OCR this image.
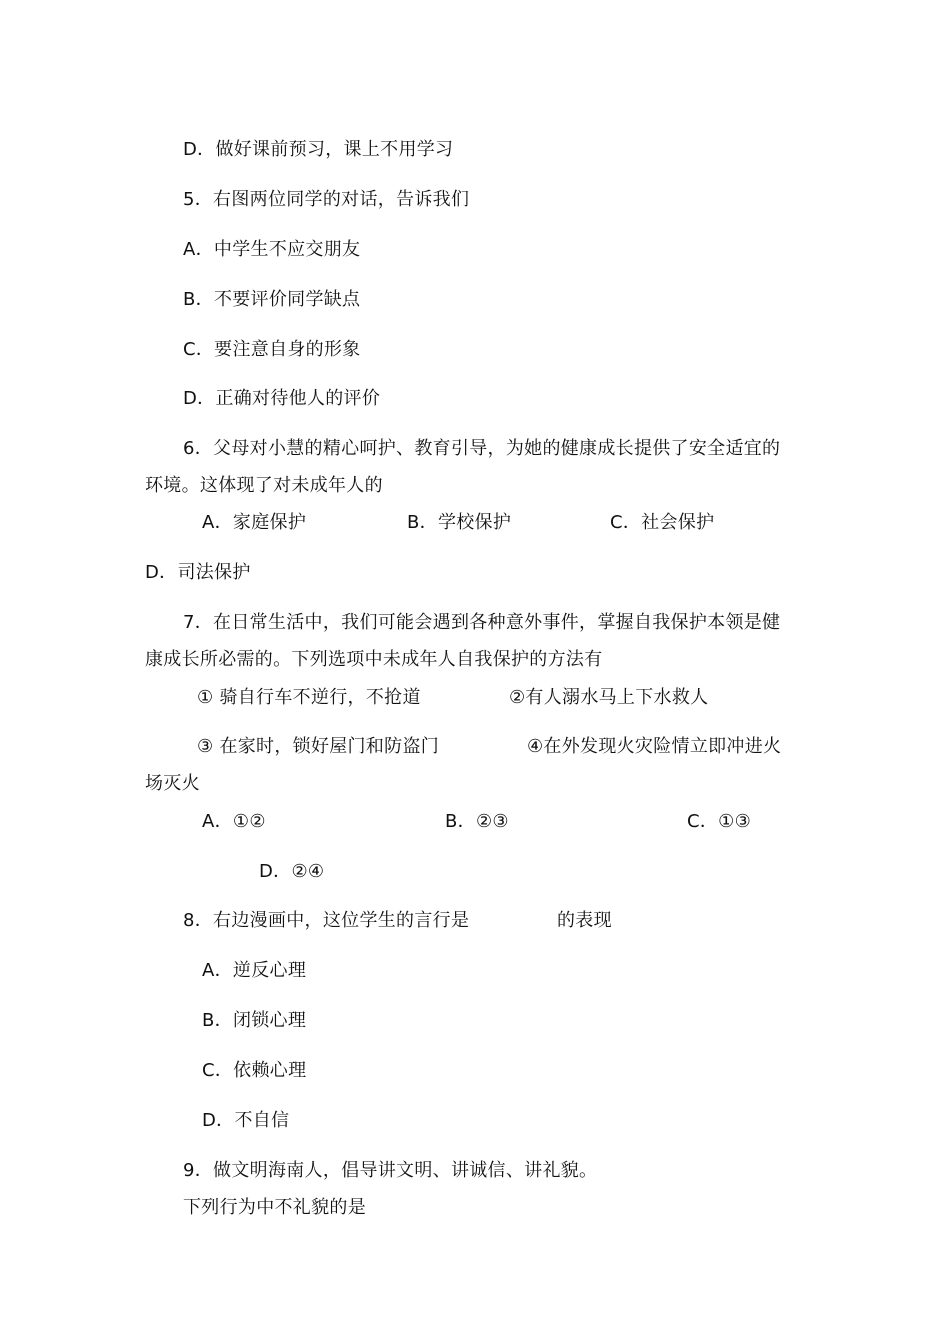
D．做好课前预习，课上不用学习
5．右图两位同学的对话，告诉我们
A．中学生不应交朋友
B．不要评价同学缺点
C．要注意自身的形象
D．正确对待他人的评价
6．父母对小慧的精心呵护、教育引导，为她的健康成长提供了安全适宜的
环境。这体现了对未成年人的
A．家庭保护	B．学校保护	C．社会保护
D．司法保护
7．在日常生活中，我们可能会遇到各种意外事件，掌握自我保护本领是健
康成长所必需的。下列选项中未成年人自我保护的方法有
① 骑自行车不逆行，不抢道	②有人溺水马上下水救人
③ 在家时，锁好屋门和防盗门	④在外发现火灾险情立即冲进火
场灭火
A．①②	B．②③	C．①③
D．②④
8．右边漫画中，这位学生的言行是	的表现
A．逆反心理
B．闭锁心理
C．依赖心理
D．不自信
9．做文明海南人，倡导讲文明、讲诚信、讲礼貌。
下列行为中不礼貌的是
